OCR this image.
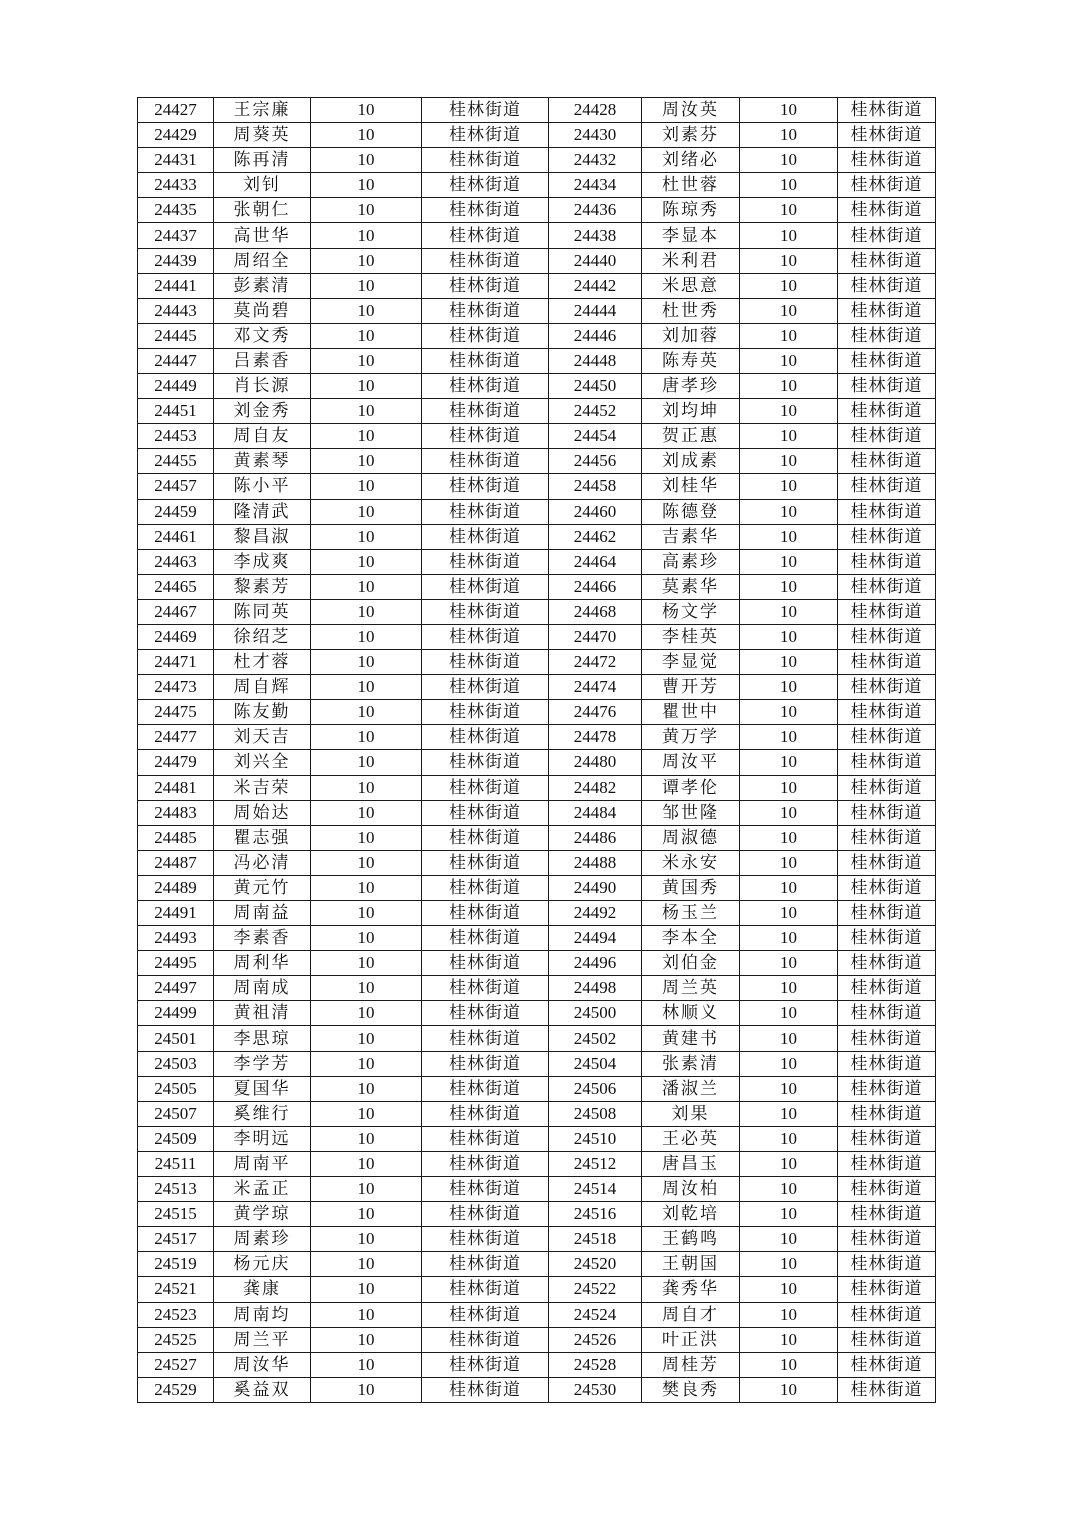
24427	王宗廉	10	桂林街道	24428	周汝英	10	桂林街道
24429	周葵英	10	桂林街道	24430	刘素芬	10	桂林街道
24431	陈再清	10	桂林街道	24432	刘绪必	10	桂林街道
24433	刘钊	10	桂林街道	24434	杜世蓉	10	桂林街道
24435	张朝仁	10	桂林街道	24436	陈琼秀	10	桂林街道
24437	高世华	10	桂林街道	24438	李显本	10	桂林街道
24439	周绍全	10	桂林街道	24440	米利君	10	桂林街道
24441	彭素清	10	桂林街道	24442	米思意	10	桂林街道
24443	莫尚碧	10	桂林街道	24444	杜世秀	10	桂林街道
24445	邓文秀	10	桂林街道	24446	刘加蓉	10	桂林街道
24447	吕素香	10	桂林街道	24448	陈寿英	10	桂林街道
24449	肖长源	10	桂林街道	24450	唐孝珍	10	桂林街道
24451	刘金秀	10	桂林街道	24452	刘均坤	10	桂林街道
24453	周自友	10	桂林街道	24454	贺正惠	10	桂林街道
24455	黄素琴	10	桂林街道	24456	刘成素	10	桂林街道
24457	陈小平	10	桂林街道	24458	刘桂华	10	桂林街道
24459	隆清武	10	桂林街道	24460	陈德登	10	桂林街道
24461	黎昌淑	10	桂林街道	24462	吉素华	10	桂林街道
24463	李成爽	10	桂林街道	24464	高素珍	10	桂林街道
24465	黎素芳	10	桂林街道	24466	莫素华	10	桂林街道
24467	陈同英	10	桂林街道	24468	杨文学	10	桂林街道
24469	徐绍芝	10	桂林街道	24470	李桂英	10	桂林街道
24471	杜才蓉	10	桂林街道	24472	李显觉	10	桂林街道
24473	周自辉	10	桂林街道	24474	曹开芳	10	桂林街道
24475	陈友勤	10	桂林街道	24476	瞿世中	10	桂林街道
24477	刘天吉	10	桂林街道	24478	黄万学	10	桂林街道
24479	刘兴全	10	桂林街道	24480	周汝平	10	桂林街道
24481	米吉荣	10	桂林街道	24482	谭孝伦	10	桂林街道
24483	周始达	10	桂林街道	24484	邹世隆	10	桂林街道
24485	瞿志强	10	桂林街道	24486	周淑德	10	桂林街道
24487	冯必清	10	桂林街道	24488	米永安	10	桂林街道
24489	黄元竹	10	桂林街道	24490	黄国秀	10	桂林街道
24491	周南益	10	桂林街道	24492	杨玉兰	10	桂林街道
24493	李素香	10	桂林街道	24494	李本全	10	桂林街道
24495	周利华	10	桂林街道	24496	刘伯金	10	桂林街道
24497	周南成	10	桂林街道	24498	周兰英	10	桂林街道
24499	黄祖清	10	桂林街道	24500	林顺义	10	桂林街道
24501	李思琼	10	桂林街道	24502	黄建书	10	桂林街道
24503	李学芳	10	桂林街道	24504	张素清	10	桂林街道
24505	夏国华	10	桂林街道	24506	潘淑兰	10	桂林街道
24507	奚维行	10	桂林街道	24508	刘果	10	桂林街道
24509	李明远	10	桂林街道	24510	王必英	10	桂林街道
24511	周南平	10	桂林街道	24512	唐昌玉	10	桂林街道
24513	米孟正	10	桂林街道	24514	周汝柏	10	桂林街道
24515	黄学琼	10	桂林街道	24516	刘乾培	10	桂林街道
24517	周素珍	10	桂林街道	24518	王鹤鸣	10	桂林街道
24519	杨元庆	10	桂林街道	24520	王朝国	10	桂林街道
24521	龚康	10	桂林街道	24522	龚秀华	10	桂林街道
24523	周南均	10	桂林街道	24524	周自才	10	桂林街道
24525	周兰平	10	桂林街道	24526	叶正洪	10	桂林街道
24527	周汝华	10	桂林街道	24528	周桂芳	10	桂林街道
24529	奚益双	10	桂林街道	24530	樊良秀	10	桂林街道
